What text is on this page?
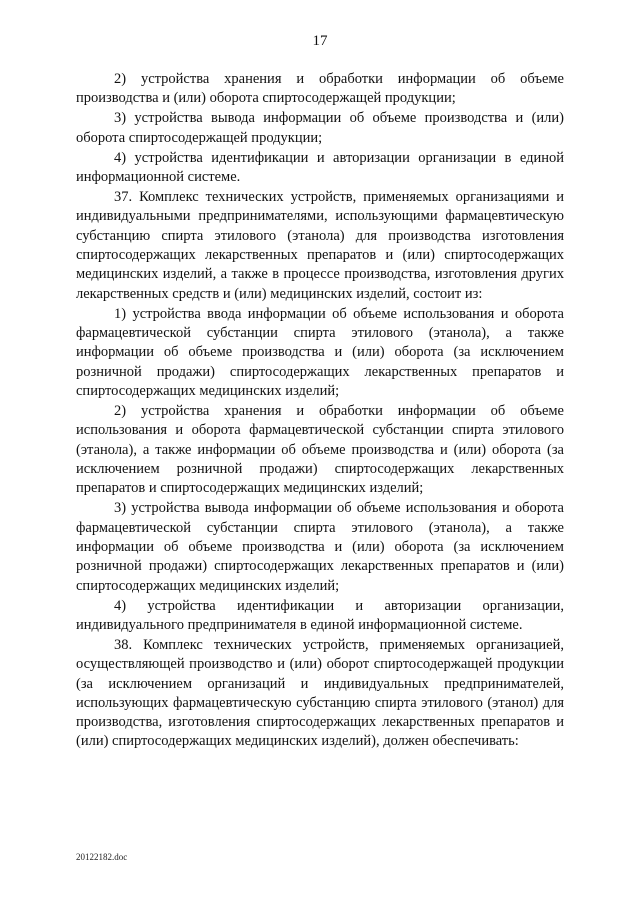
17

2) устройства хранения и обработки информации об объеме производства и (или) оборота спиртосодержащей продукции;

3) устройства вывода информации об объеме производства и (или) оборота спиртосодержащей продукции;

4) устройства идентификации и авторизации организации в единой информационной системе.

37. Комплекс технических устройств, применяемых организациями и индивидуальными предпринимателями, использующими фармацевтическую субстанцию спирта этилового (этанола) для производства изготовления спиртосодержащих лекарственных препаратов и (или) спиртосодержащих медицинских изделий, а также в процессе производства, изготовления других лекарственных средств и (или) медицинских изделий, состоит из:

1) устройства ввода информации об объеме использования и оборота фармацевтической субстанции спирта этилового (этанола), а также информации об объеме производства и (или) оборота (за исключением розничной продажи) спиртосодержащих лекарственных препаратов и спиртосодержащих медицинских изделий;

2) устройства хранения и обработки информации об объеме использования и оборота фармацевтической субстанции спирта этилового (этанола), а также информации об объеме производства и (или) оборота (за исключением розничной продажи) спиртосодержащих лекарственных препаратов и спиртосодержащих медицинских изделий;

3) устройства вывода информации об объеме использования и оборота фармацевтической субстанции спирта этилового (этанола), а также информации об объеме производства и (или) оборота (за исключением розничной продажи) спиртосодержащих лекарственных препаратов и (или) спиртосодержащих медицинских изделий;

4) устройства идентификации и авторизации организации, индивидуального предпринимателя в единой информационной системе.

38. Комплекс технических устройств, применяемых организацией, осуществляющей производство и (или) оборот спиртосодержащей продукции (за исключением организаций и индивидуальных предпринимателей, использующих фармацевтическую субстанцию спирта этилового (этанол) для производства, изготовления спиртосодержащих лекарственных препаратов и (или) спиртосодержащих медицинских изделий), должен обеспечивать:

20122182.doc
